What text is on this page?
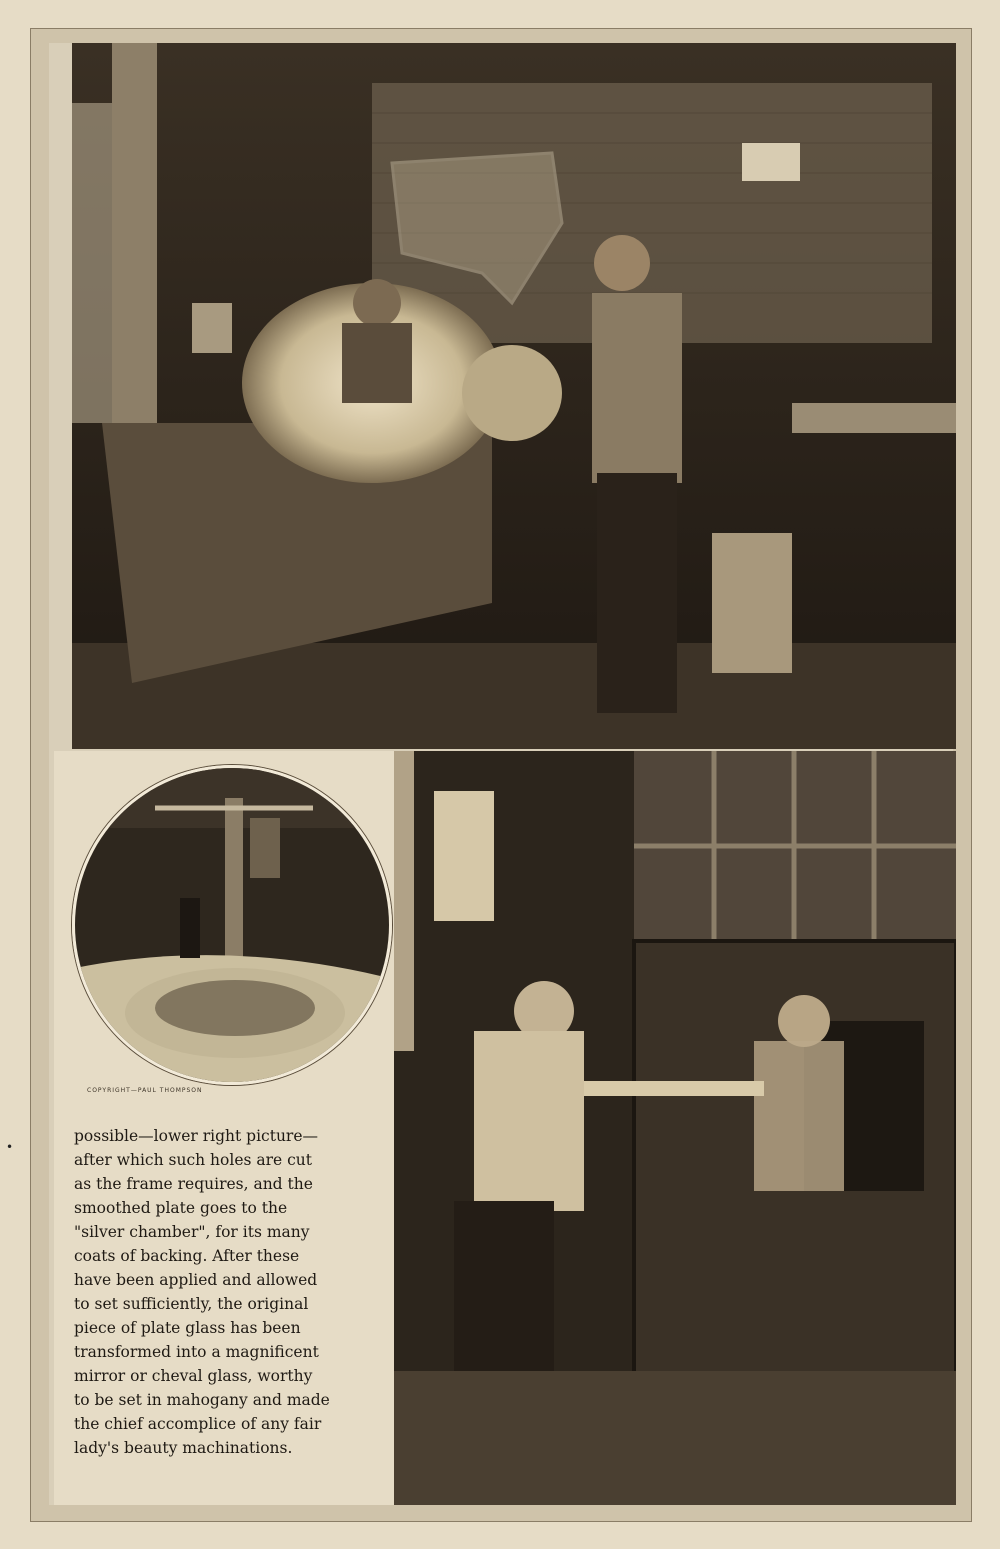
COPYRIGHT—PAUL THOMPSON
possible—lower right picture—
after which such holes are cut
as the frame requires, and the
smoothed plate goes to the
"silver chamber", for its many
coats of backing. After these
have been applied and allowed
to set sufficiently, the original
piece of plate glass has been
transformed into a magnificent
mirror or cheval glass, worthy
to be set in mahogany and made
the chief accomplice of any fair
lady's beauty machinations.
•
